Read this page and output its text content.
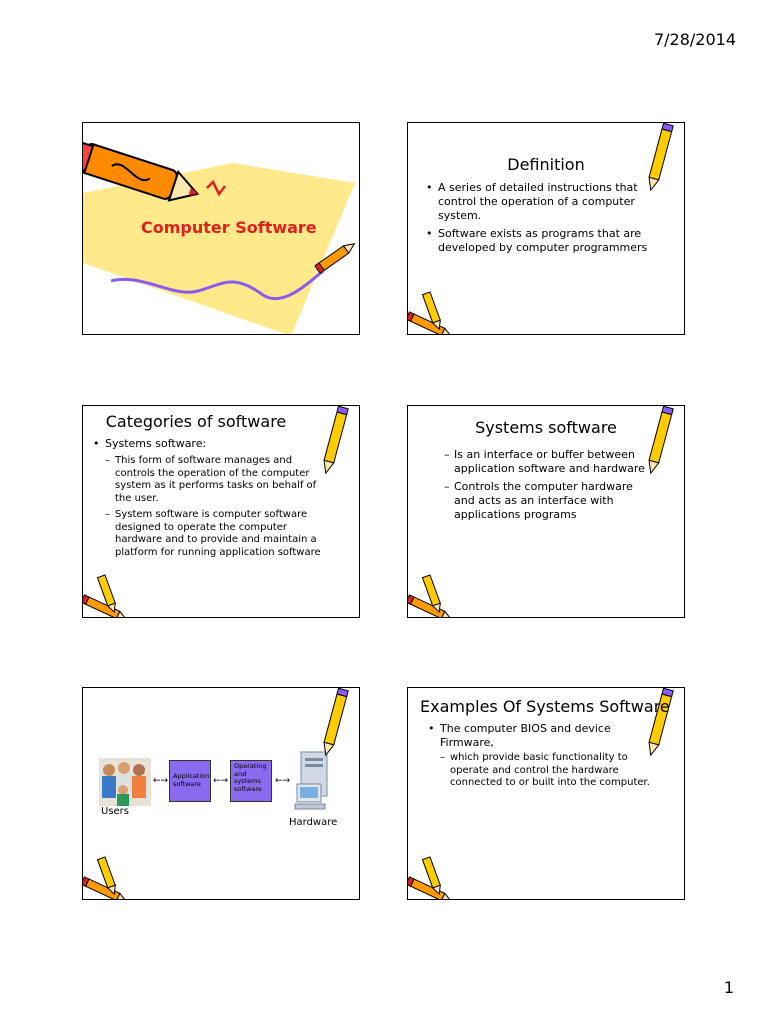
7/28/2014
Computer Software
Definition
• A series of detailed instructions that control the operation of a computer system.
• Software exists as programs that are developed by computer programmers
Categories of software
• Systems software:
– This form of software manages and controls the operation of the computer system as it performs tasks on behalf of the user.
– System software is computer software designed to operate the computer hardware and to provide and maintain a platform for running application software
Systems software
– Is an interface or buffer between application software and hardware
– Controls the computer hardware and acts as an interface with applications programs
Users
←→ Application software	←→
Operating and systems software
←→
Hardware
Examples Of Systems Software
• The computer BIOS and device Firmware,
– which provide basic functionality to operate and control the hardware connected to or built into the computer.
1
